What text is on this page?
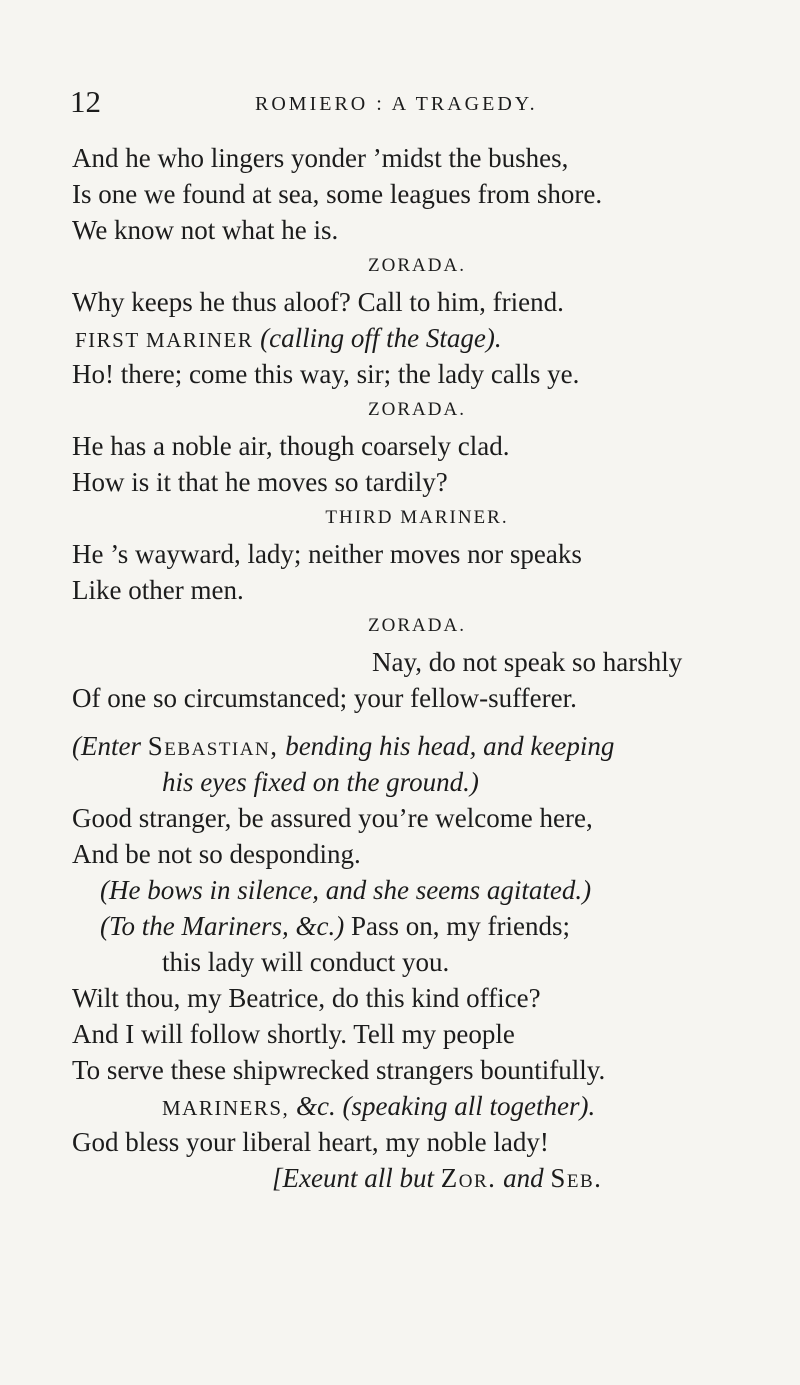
12	ROMIERO : A TRAGEDY.
And he who lingers yonder ’midst the bushes,
Is one we found at sea, some leagues from shore.
We know not what he is.
ZORADA.
Why keeps he thus aloof? Call to him, friend.
FIRST MARINER (calling off the Stage).
Ho! there; come this way, sir; the lady calls ye.
ZORADA.
He has a noble air, though coarsely clad.
How is it that he moves so tardily?
THIRD MARINER.
He ’s wayward, lady; neither moves nor speaks
Like other men.
ZORADA.
Nay, do not speak so harshly
Of one so circumstanced; your fellow-sufferer.
(Enter Sebastian, bending his head, and keeping
his eyes fixed on the ground.)
Good stranger, be assured you’re welcome here,
And be not so desponding.
(He bows in silence, and she seems agitated.)
(To the Mariners, &c.) Pass on, my friends;
this lady will conduct you.
Wilt thou, my Beatrice, do this kind office?
And I will follow shortly. Tell my people
To serve these shipwrecked strangers bountifully.
MARINERS, &c. (speaking all together).
God bless your liberal heart, my noble lady!
[Exeunt all but Zor. and Seb.
